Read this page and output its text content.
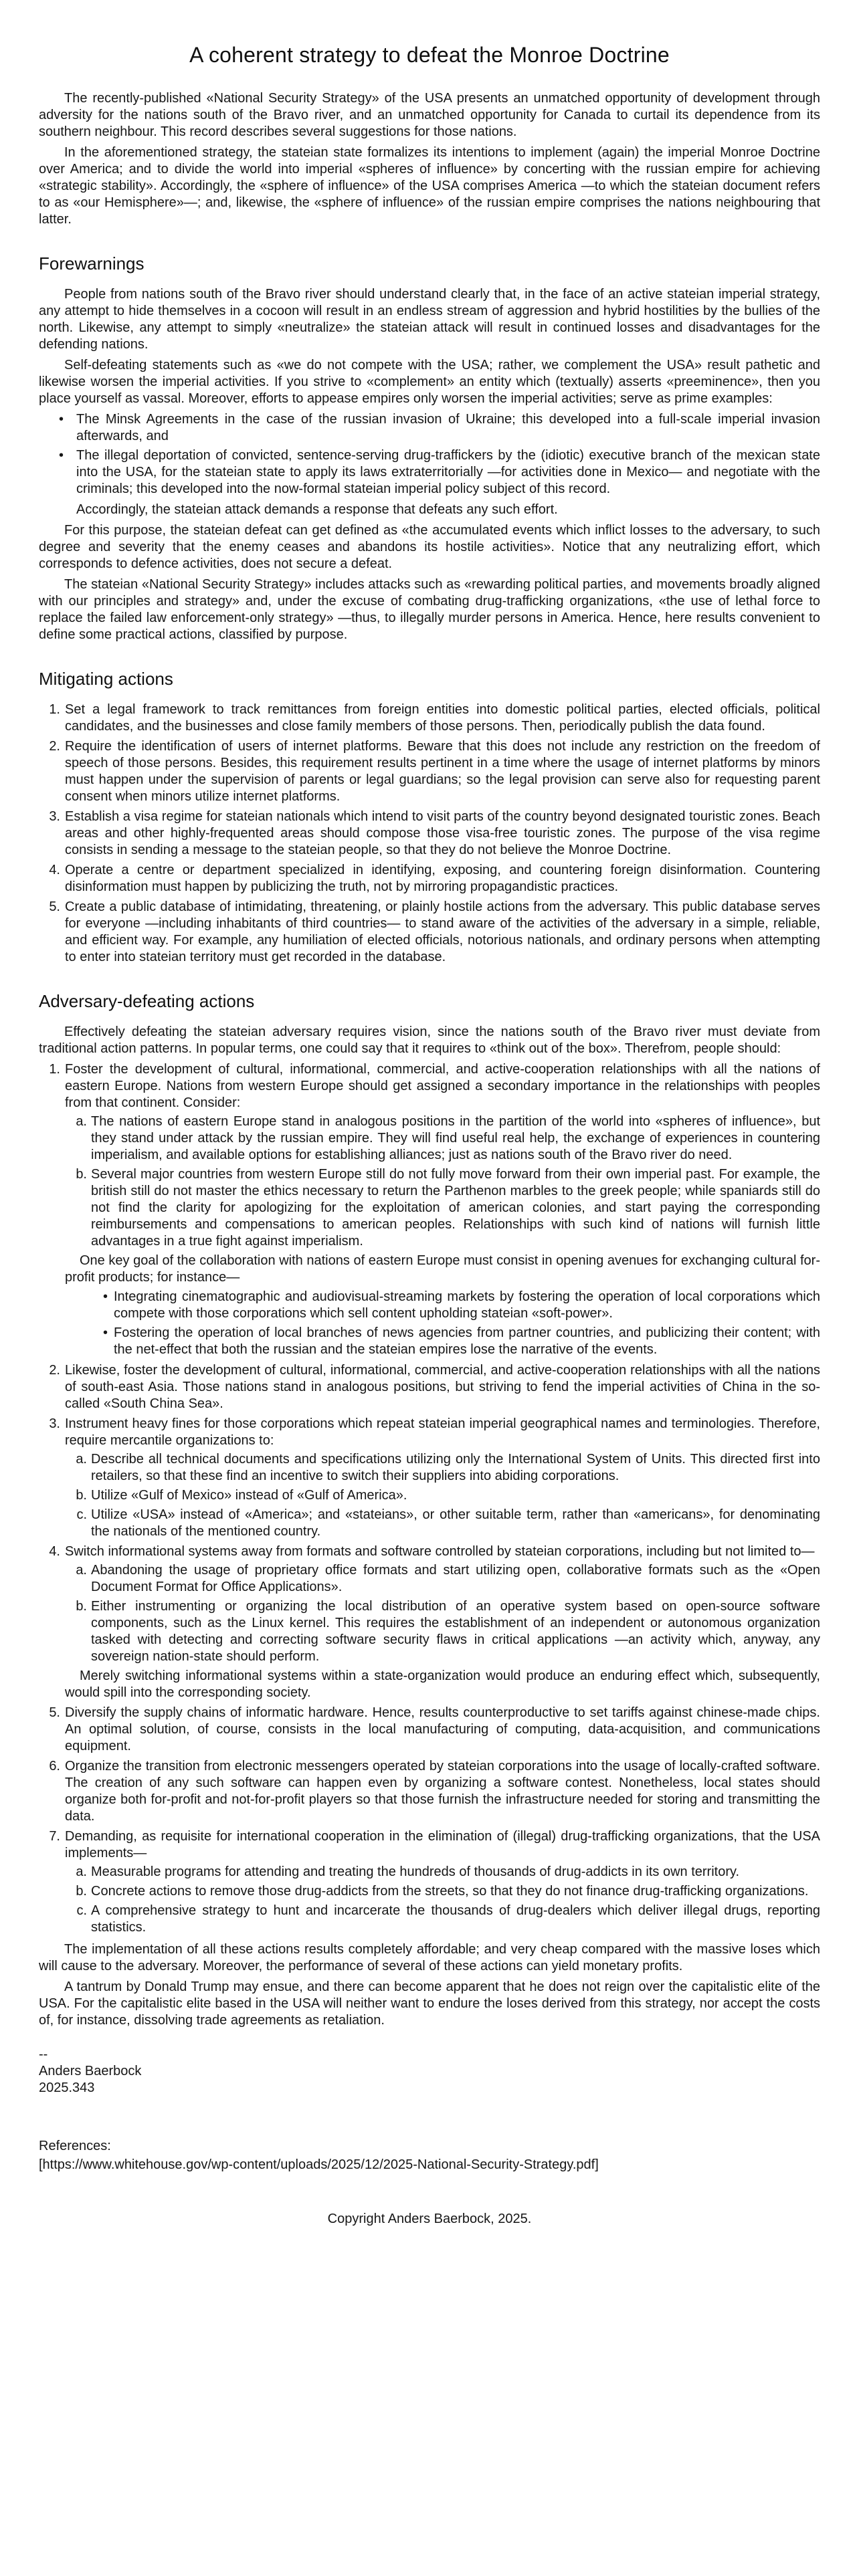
A coherent strategy to defeat the Monroe Doctrine

The recently-published «National Security Strategy» of the USA presents an unmatched opportunity of development through adversity for the nations south of the Bravo river, and an unmatched opportunity for Canada to curtail its dependence from its southern neighbour. This record describes several suggestions for those nations.

In the aforementioned strategy, the stateian state formalizes its intentions to implement (again) the imperial Monroe Doctrine over America; and to divide the world into imperial «spheres of influence» by concerting with the russian empire for achieving «strategic stability». Accordingly, the «sphere of influence» of the USA comprises America —to which the stateian document refers to as «our Hemisphere»—; and, likewise, the «sphere of influence» of the russian empire comprises the nations neighbouring that latter.

Forewarnings

People from nations south of the Bravo river should understand clearly that, in the face of an active stateian imperial strategy, any attempt to hide themselves in a cocoon will result in an endless stream of aggression and hybrid hostilities by the bullies of the north. Likewise, any attempt to simply «neutralize» the stateian attack will result in continued losses and disadvantages for the defending nations.

Self-defeating statements such as «we do not compete with the USA; rather, we complement the USA» result pathetic and likewise worsen the imperial activities. If you strive to «complement» an entity which (textually) asserts «preeminence», then you place yourself as vassal. Moreover, efforts to appease empires only worsen the imperial activities; serve as prime examples:

• The Minsk Agreements in the case of the russian invasion of Ukraine; this developed into a full-scale imperial invasion afterwards, and
• The illegal deportation of convicted, sentence-serving drug-traffickers by the (idiotic) executive branch of the mexican state into the USA, for the stateian state to apply its laws extraterritorially —for activities done in Mexico— and negotiate with the criminals; this developed into the now-formal stateian imperial policy subject of this record.

Accordingly, the stateian attack demands a response that defeats any such effort.

For this purpose, the stateian defeat can get defined as «the accumulated events which inflict losses to the adversary, to such degree and severity that the enemy ceases and abandons its hostile activities». Notice that any neutralizing effort, which corresponds to defence activities, does not secure a defeat.

The stateian «National Security Strategy» includes attacks such as «rewarding political parties, and movements broadly aligned with our principles and strategy» and, under the excuse of combating drug-trafficking organizations, «the use of lethal force to replace the failed law enforcement-only strategy» —thus, to illegally murder persons in America. Hence, here results convenient to define some practical actions, classified by purpose.

Mitigating actions
1. Set a legal framework to track remittances from foreign entities into domestic political parties, elected officials, political candidates, and the businesses and close family members of those persons. Then, periodically publish the data found.
2. Require the identification of users of internet platforms. Beware that this does not include any restriction on the freedom of speech of those persons. Besides, this requirement results pertinent in a time where the usage of internet platforms by minors must happen under the supervision of parents or legal guardians; so the legal provision can serve also for requesting parent consent when minors utilize internet platforms.
3. Establish a visa regime for stateian nationals which intend to visit parts of the country beyond designated touristic zones. Beach areas and other highly-frequented areas should compose those visa-free touristic zones. The purpose of the visa regime consists in sending a message to the stateian people, so that they do not believe the Monroe Doctrine.
4. Operate a centre or department specialized in identifying, exposing, and countering foreign disinformation. Countering disinformation must happen by publicizing the truth, not by mirroring propagandistic practices.
5. Create a public database of intimidating, threatening, or plainly hostile actions from the adversary. This public database serves for everyone —including inhabitants of third countries— to stand aware of the activities of the adversary in a simple, reliable, and efficient way. For example, any humiliation of elected officials, notorious nationals, and ordinary persons when attempting to enter into stateian territory must get recorded in the database.
Adversary-defeating actions

Effectively defeating the stateian adversary requires vision, since the nations south of the Bravo river must deviate from traditional action patterns. In popular terms, one could say that it requires to «think out of the box». Therefrom, people should:

1. Foster the development of cultural, informational, commercial, and active-cooperation relationships with all the nations of eastern Europe. Nations from western Europe should get assigned a secondary importance in the relationships with peoples from that continent. Consider:
a. The nations of eastern Europe stand in analogous positions in the partition of the world into «spheres of influence», but they stand under attack by the russian empire. They will find useful real help, the exchange of experiences in countering imperialism, and available options for establishing alliances; just as nations south of the Bravo river do need.
b. Several major countries from western Europe still do not fully move forward from their own imperial past. For example, the british still do not master the ethics necessary to return the Parthenon marbles to the greek people; while spaniards still do not find the clarity for apologizing for the exploitation of american colonies, and start paying the corresponding reimbursements and compensations to american peoples. Relationships with such kind of nations will furnish little advantages in a true fight against imperialism.

One key goal of the collaboration with nations of eastern Europe must consist in opening avenues for exchanging cultural for-profit products; for instance—

• Integrating cinematographic and audiovisual-streaming markets by fostering the operation of local corporations which compete with those corporations which sell content upholding stateian «soft-power».
• Fostering the operation of local branches of news agencies from partner countries, and publicizing their content; with the net-effect that both the russian and the stateian empires lose the narrative of the events.
2. Likewise, foster the development of cultural, informational, commercial, and active-cooperation relationships with all the nations of south-east Asia. Those nations stand in analogous positions, but striving to fend the imperial activities of China in the so-called «South China Sea».
3. Instrument heavy fines for those corporations which repeat stateian imperial geographical names and terminologies. Therefore, require mercantile organizations to:
a. Describe all technical documents and specifications utilizing only the International System of Units. This directed first into retailers, so that these find an incentive to switch their suppliers into abiding corporations.
b. Utilize «Gulf of Mexico» instead of «Gulf of America».
c. Utilize «USA» instead of «America»; and «stateians», or other suitable term, rather than «americans», for denominating the nationals of the mentioned country.
4. Switch informational systems away from formats and software controlled by stateian corporations, including but not limited to—
a. Abandoning the usage of proprietary office formats and start utilizing open, collaborative formats such as the «Open Document Format for Office Applications».
b. Either instrumenting or organizing the local distribution of an operative system based on open-source software components, such as the Linux kernel. This requires the establishment of an independent or autonomous organization tasked with detecting and correcting software security flaws in critical applications —an activity which, anyway, any sovereign nation-state should perform.

Merely switching informational systems within a state-organization would produce an enduring effect which, subsequently, would spill into the corresponding society.

5. Diversify the supply chains of informatic hardware. Hence, results counterproductive to set tariffs against chinese-made chips. An optimal solution, of course, consists in the local manufacturing of computing, data-acquisition, and communications equipment.
6. Organize the transition from electronic messengers operated by stateian corporations into the usage of locally-crafted software. The creation of any such software can happen even by organizing a software contest. Nonetheless, local states should organize both for-profit and not-for-profit players so that those furnish the infrastructure needed for storing and transmitting the data.
7. Demanding, as requisite for international cooperation in the elimination of (illegal) drug-trafficking organizations, that the USA implements—
a. Measurable programs for attending and treating the hundreds of thousands of drug-addicts in its own territory.
b. Concrete actions to remove those drug-addicts from the streets, so that they do not finance drug-trafficking organizations.
c. A comprehensive strategy to hunt and incarcerate the thousands of drug-dealers which deliver illegal drugs, reporting statistics.

The implementation of all these actions results completely affordable; and very cheap compared with the massive loses which will cause to the adversary. Moreover, the performance of several of these actions can yield monetary profits.

A tantrum by Donald Trump may ensue, and there can become apparent that he does not reign over the capitalistic elite of the USA. For the capitalistic elite based in the USA will neither want to endure the loses derived from this strategy, nor accept the costs of, for instance, dissolving trade agreements as retaliation.

--
Anders Baerbock
2025.343
References:
[https://www.whitehouse.gov/wp-content/uploads/2025/12/2025-National-Security-Strategy.pdf]
Copyright Anders Baerbock, 2025.
